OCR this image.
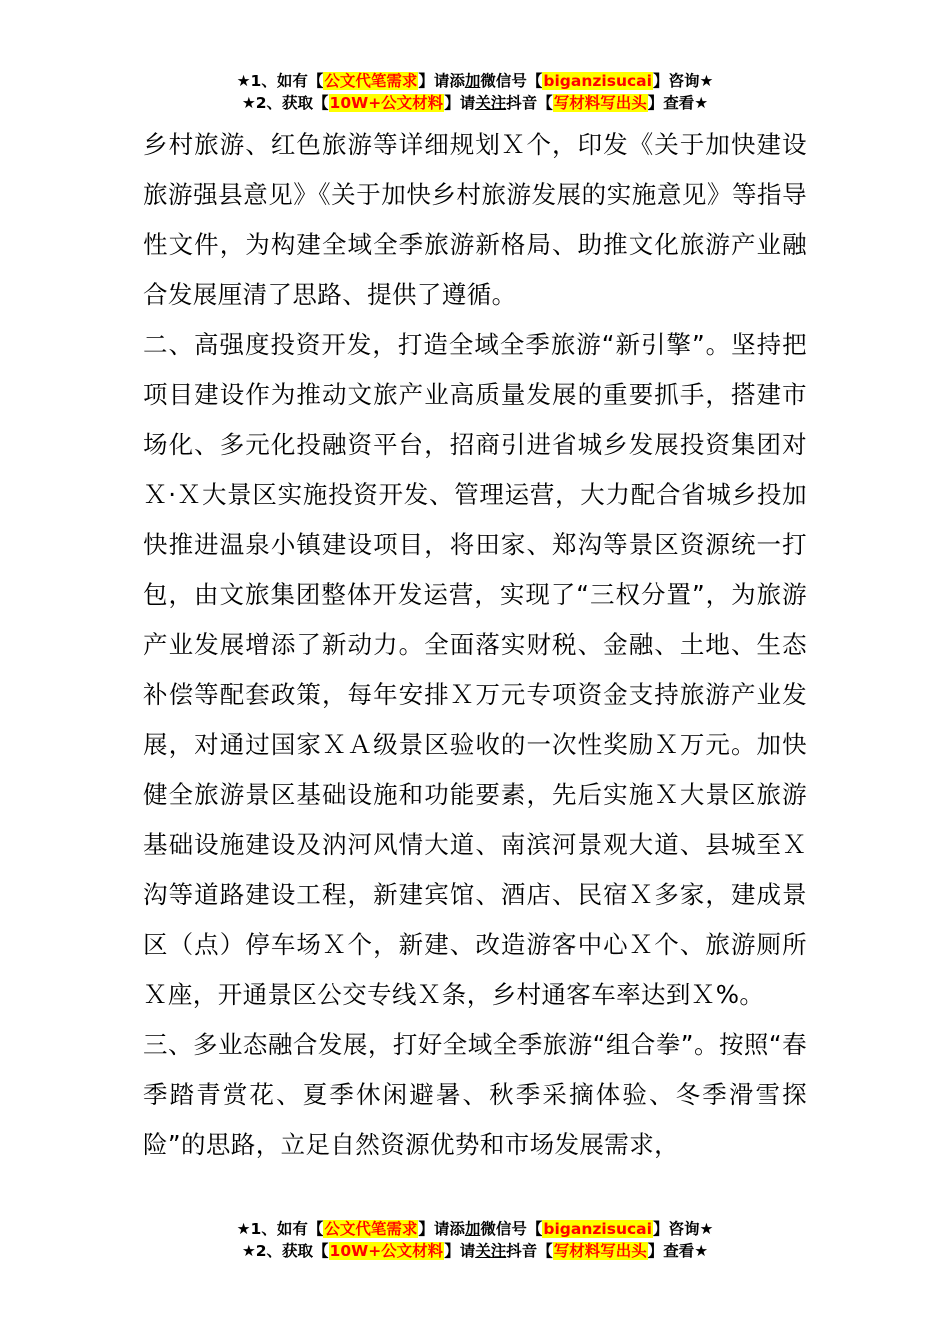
★1、如有【公文代笔需求】请添加微信号【biganzisucai】咨询★
★2、获取【10W+公文材料】请关注抖音【写材料写出头】查看★

乡村旅游、红色旅游等详细规划Ｘ个，印发《关于加快建设旅游强县意见》《关于加快乡村旅游发展的实施意见》等指导性文件，为构建全域全季旅游新格局、助推文化旅游产业融合发展厘清了思路、提供了遵循。

二、高强度投资开发，打造全域全季旅游“新引擎”。坚持把项目建设作为推动文旅产业高质量发展的重要抓手，搭建市场化、多元化投融资平台，招商引进省城乡发展投资集团对Ｘ·Ｘ大景区实施投资开发、管理运营，大力配合省城乡投加快推进温泉小镇建设项目，将田家、郑沟等景区资源统一打包，由文旅集团整体开发运营，实现了“三权分置”，为旅游产业发展增添了新动力。全面落实财税、金融、土地、生态补偿等配套政策，每年安排Ｘ万元专项资金支持旅游产业发展，对通过国家ＸＡ级景区验收的一次性奖励Ｘ万元。加快健全旅游景区基础设施和功能要素，先后实施Ｘ大景区旅游基础设施建设及汭河风情大道、南滨河景观大道、县城至Ｘ沟等道路建设工程，新建宾馆、酒店、民宿Ｘ多家，建成景区（点）停车场Ｘ个，新建、改造游客中心Ｘ个、旅游厕所Ｘ座，开通景区公交专线Ｘ条，乡村通客车率达到Ｘ%。

三、多业态融合发展，打好全域全季旅游“组合拳”。按照“春季踏青赏花、夏季休闲避暑、秋季采摘体验、冬季滑雪探险”的思路，立足自然资源优势和市场发展需求，

★1、如有【公文代笔需求】请添加微信号【biganzisucai】咨询★
★2、获取【10W+公文材料】请关注抖音【写材料写出头】查看★
